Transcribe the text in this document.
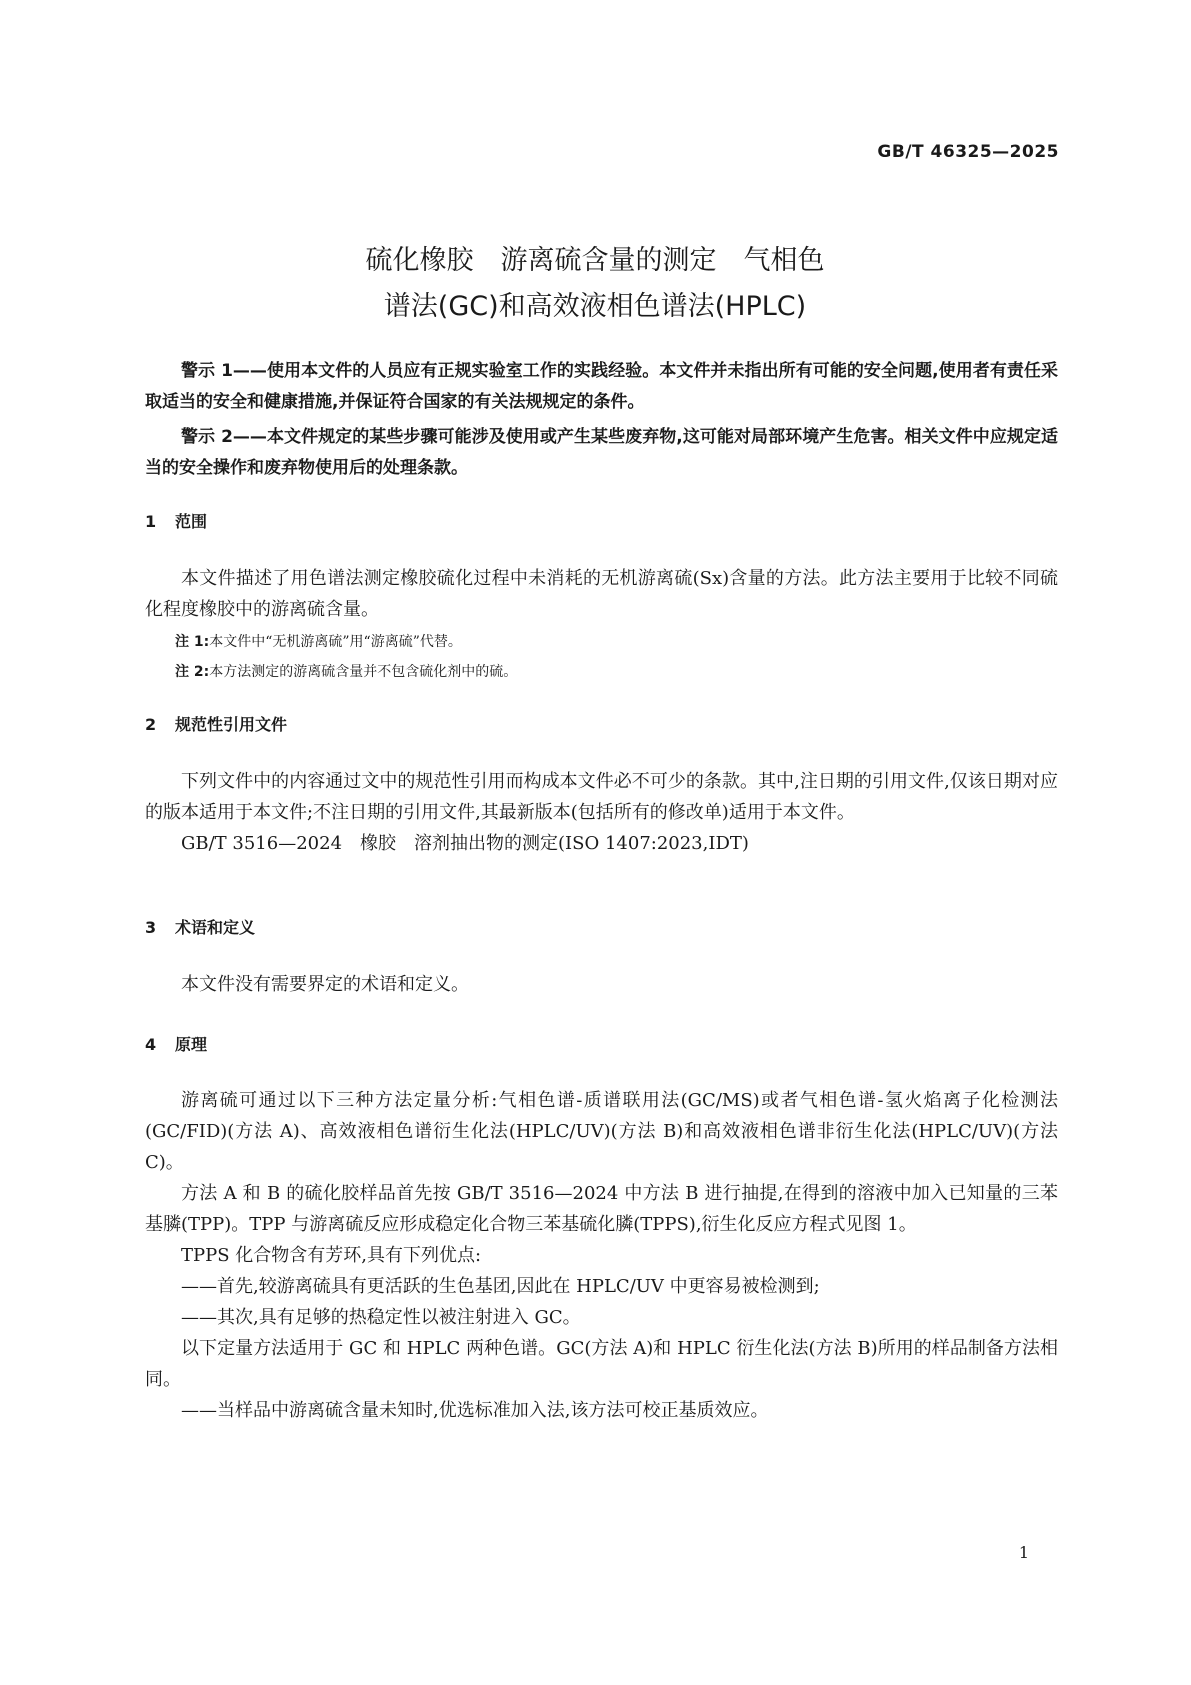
GB/T 46325—2025
硫化橡胶　游离硫含量的测定　气相色
谱法(GC)和高效液相色谱法(HPLC)

警示 1——使用本文件的人员应有正规实验室工作的实践经验。本文件并未指出所有可能的安全问题,使用者有责任采取适当的安全和健康措施,并保证符合国家的有关法规规定的条件。

警示 2——本文件规定的某些步骤可能涉及使用或产生某些废弃物,这可能对局部环境产生危害。相关文件中应规定适当的安全操作和废弃物使用后的处理条款。

1 范围

本文件描述了用色谱法测定橡胶硫化过程中未消耗的无机游离硫(Sx)含量的方法。此方法主要用于比较不同硫化程度橡胶中的游离硫含量。

注 1:本文件中“无机游离硫”用“游离硫”代替。

注 2:本方法测定的游离硫含量并不包含硫化剂中的硫。

2 规范性引用文件

下列文件中的内容通过文中的规范性引用而构成本文件必不可少的条款。其中,注日期的引用文件,仅该日期对应的版本适用于本文件;不注日期的引用文件,其最新版本(包括所有的修改单)适用于本文件。

GB/T 3516—2024　橡胶　溶剂抽出物的测定(ISO 1407:2023,IDT)

3 术语和定义

本文件没有需要界定的术语和定义。

4 原理

游离硫可通过以下三种方法定量分析:气相色谱-质谱联用法(GC/MS)或者气相色谱-氢火焰离子化检测法(GC/FID)(方法 A)、高效液相色谱衍生化法(HPLC/UV)(方法 B)和高效液相色谱非衍生化法(HPLC/UV)(方法 C)。

方法 A 和 B 的硫化胶样品首先按 GB/T 3516—2024 中方法 B 进行抽提,在得到的溶液中加入已知量的三苯基膦(TPP)。TPP 与游离硫反应形成稳定化合物三苯基硫化膦(TPPS),衍生化反应方程式见图 1。

TPPS 化合物含有芳环,具有下列优点:

——首先,较游离硫具有更活跃的生色基团,因此在 HPLC/UV 中更容易被检测到;

——其次,具有足够的热稳定性以被注射进入 GC。

以下定量方法适用于 GC 和 HPLC 两种色谱。GC(方法 A)和 HPLC 衍生化法(方法 B)所用的样品制备方法相同。

——当样品中游离硫含量未知时,优选标准加入法,该方法可校正基质效应。

1
